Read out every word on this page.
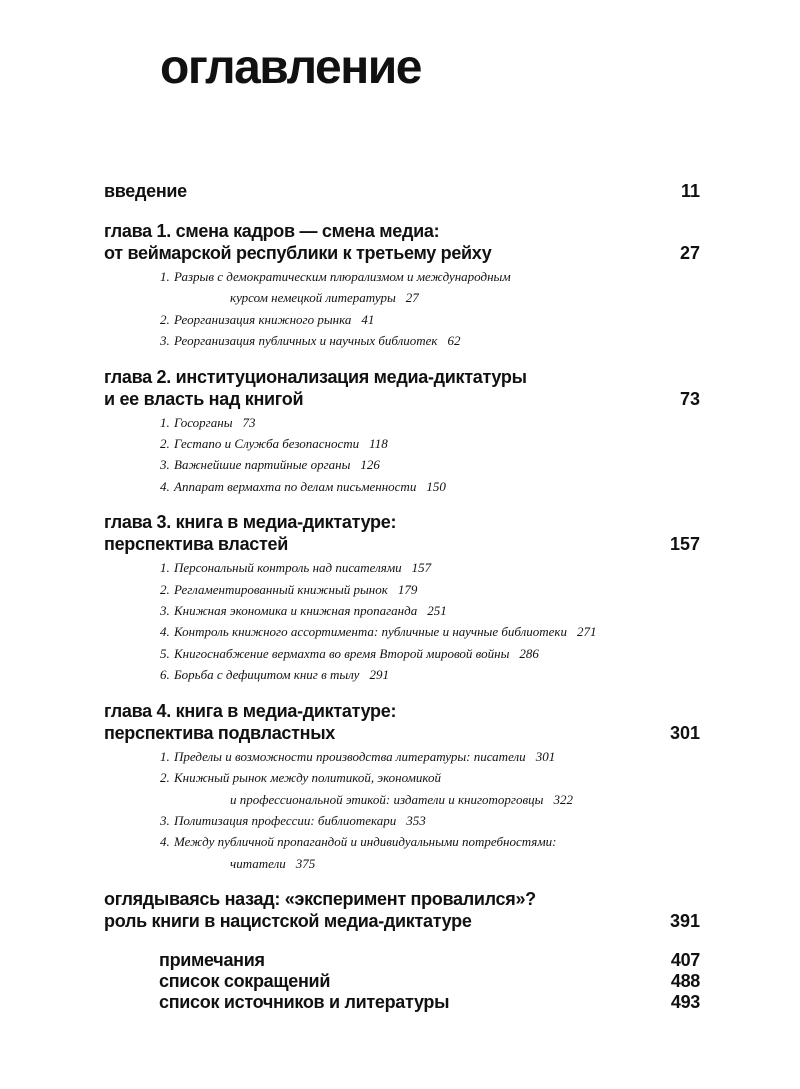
оглавление
введение	11
глава 1. смена кадров — смена медиа:
от веймарской республики к третьему рейху	27
1. Разрыв с демократическим плюрализмом и международным
курсом немецкой литературы 27
2. Реорганизация книжного рынка 41
3. Реорганизация публичных и научных библиотек 62
глава 2. институционализация медиа-диктатуры
и ее власть над книгой	73
1. Госорганы 73
2. Гестапо и Служба безопасности 118
3. Важнейшие партийные органы 126
4. Аппарат вермахта по делам письменности 150
глава 3. книга в медиа-диктатуре:
перспектива властей	157
1. Персональный контроль над писателями 157
2. Регламентированный книжный рынок 179
3. Книжная экономика и книжная пропаганда 251
4. Контроль книжного ассортимента: публичные и научные библиотеки 271
5. Книгоснабжение вермахта во время Второй мировой войны 286
6. Борьба с дефицитом книг в тылу 291
глава 4. книга в медиа-диктатуре:
перспектива подвластных	301
1. Пределы и возможности производства литературы: писатели 301
2. Книжный рынок между политикой, экономикой
и профессиональной этикой: издатели и книготорговцы 322
3. Политизация профессии: библиотекари 353
4. Между публичной пропагандой и индивидуальными потребностями:
читатели 375
оглядываясь назад: «эксперимент провалился»?
роль книги в нацистской медиа-диктатуре	391
примечания	407
список сокращений	488
список источников и литературы	493
